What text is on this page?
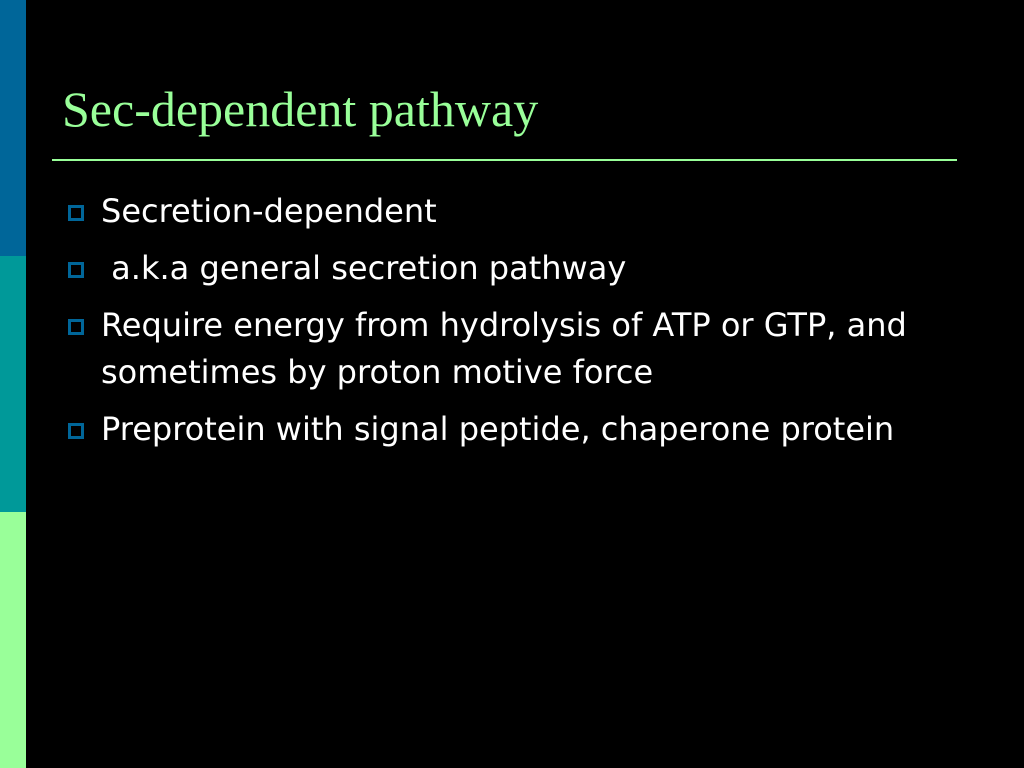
Sec-dependent pathway
Secretion-dependent
a.k.a general secretion pathway
Require energy from hydrolysis of ATP or GTP, and sometimes by proton motive force
Preprotein with signal peptide, chaperone protein
